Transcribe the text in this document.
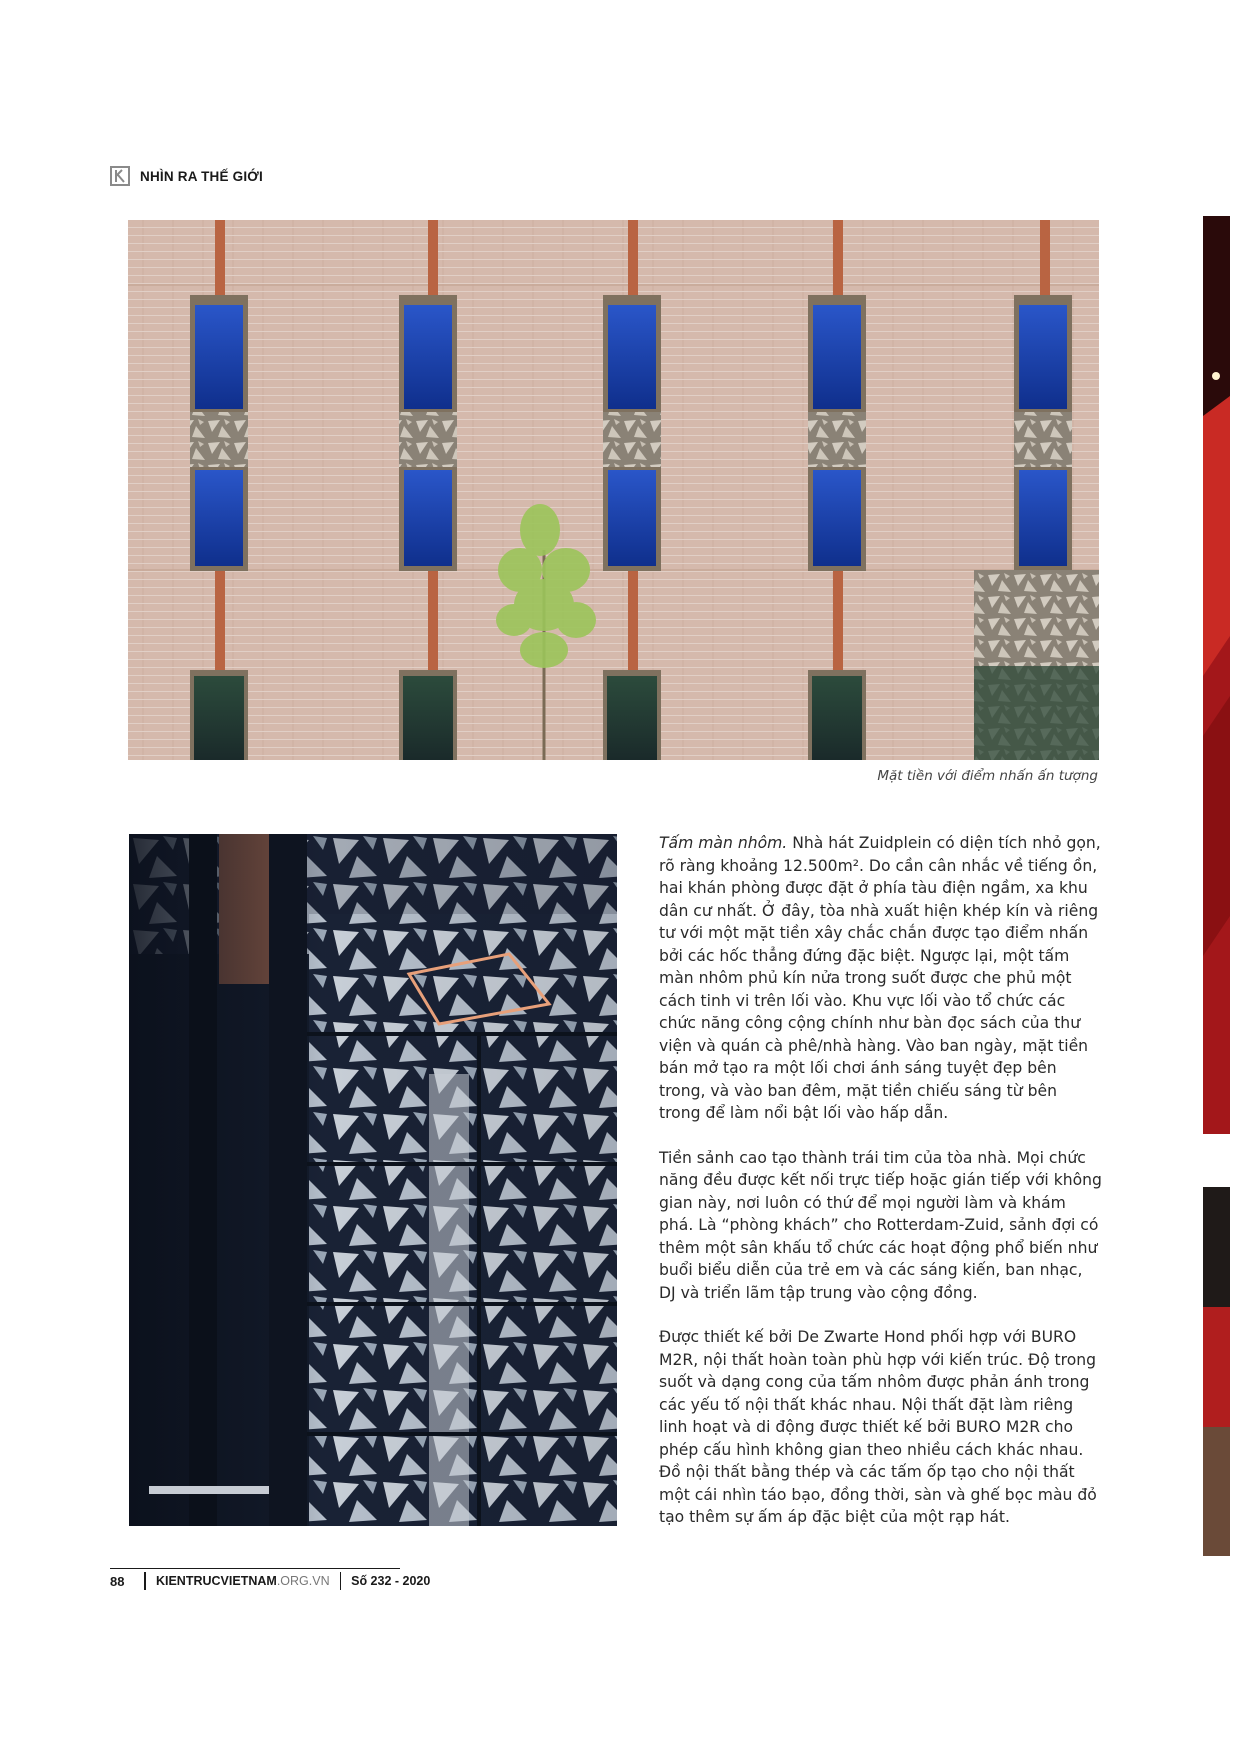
NHÌN RA THẾ GIỚI
Mặt tiền với điểm nhấn ấn tượng

Tấm màn nhôm. Nhà hát Zuidplein có diện tích nhỏ gọn, rõ ràng khoảng 12.500m². Do cần cân nhắc về tiếng ồn, hai khán phòng được đặt ở phía tàu điện ngầm, xa khu dân cư nhất. Ở đây, tòa nhà xuất hiện khép kín và riêng tư với một mặt tiền xây chắc chắn được tạo điểm nhấn bởi các hốc thẳng đứng đặc biệt. Ngược lại, một tấm màn nhôm phủ kín nửa trong suốt được che phủ một cách tinh vi trên lối vào. Khu vực lối vào tổ chức các chức năng công cộng chính như bàn đọc sách của thư viện và quán cà phê/nhà hàng. Vào ban ngày, mặt tiền bán mở tạo ra một lối chơi ánh sáng tuyệt đẹp bên trong, và vào ban đêm, mặt tiền chiếu sáng từ bên trong để làm nổi bật lối vào hấp dẫn.

Tiền sảnh cao tạo thành trái tim của tòa nhà. Mọi chức năng đều được kết nối trực tiếp hoặc gián tiếp với không gian này, nơi luôn có thứ để mọi người làm và khám phá. Là “phòng khách” cho Rotterdam-Zuid, sảnh đợi có thêm một sân khấu tổ chức các hoạt động phổ biến như buổi biểu diễn của trẻ em và các sáng kiến, ban nhạc, DJ và triển lãm tập trung vào cộng đồng.

Được thiết kế bởi De Zwarte Hond phối hợp với BURO M2R, nội thất hoàn toàn phù hợp với kiến trúc. Độ trong suốt và dạng cong của tấm nhôm được phản ánh trong các yếu tố nội thất khác nhau. Nội thất đặt làm riêng linh hoạt và di động được thiết kế bởi BURO M2R cho phép cấu hình không gian theo nhiều cách khác nhau. Đồ nội thất bằng thép và các tấm ốp tạo cho nội thất một cái nhìn táo bạo, đồng thời, sàn và ghế bọc màu đỏ tạo thêm sự ấm áp đặc biệt của một rạp hát.

88	KIENTRUCVIETNAM .ORG.VN Số 232 - 2020
